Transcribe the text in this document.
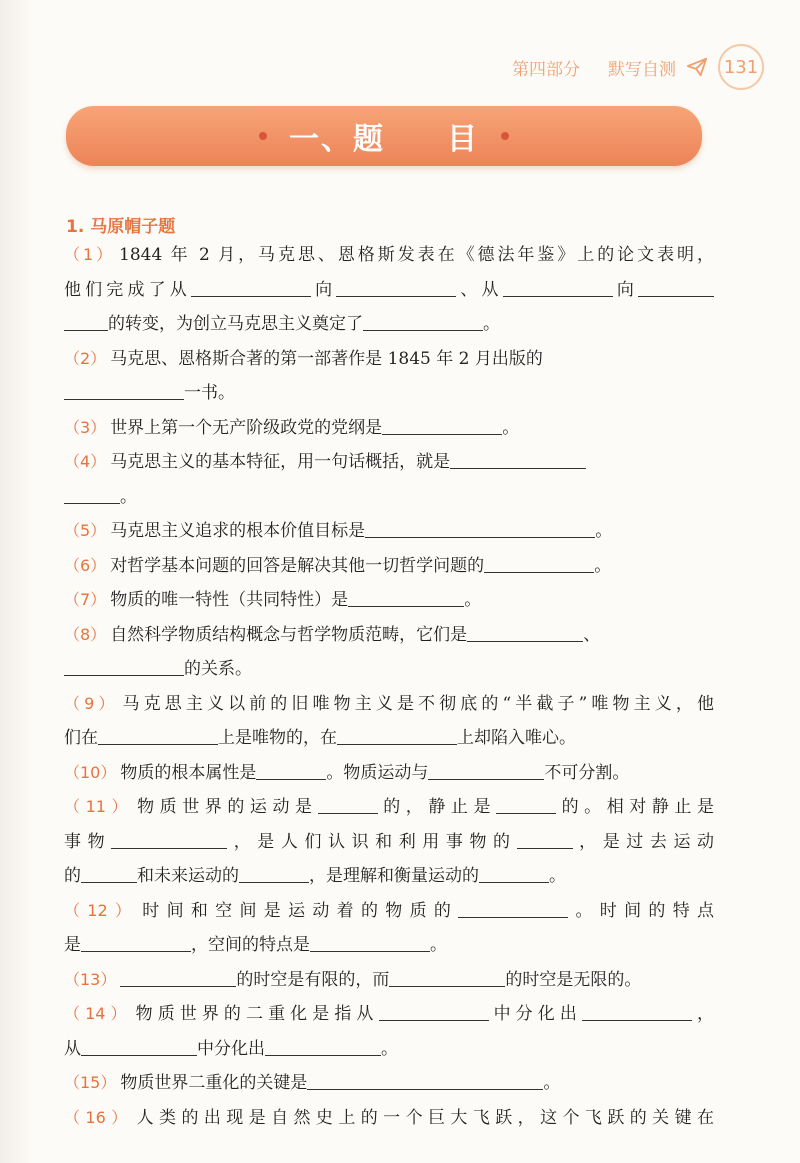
第四部分 默写自测	131
一、题 目
1. 马原帽子题
（1） 1844 年 2 月，马克思、恩格斯发表在《德法年鉴》上的论文表明，
他们完成了从	向	、从	向
的转变，为创立马克思主义奠定了	。
（2） 马克思、恩格斯合著的第一部著作是 1845 年 2 月出版的
一书。
（3） 世界上第一个无产阶级政党的党纲是	。
（4） 马克思主义的基本特征，用一句话概括，就是
。
（5） 马克思主义追求的根本价值目标是	。
（6） 对哲学基本问题的回答是解决其他一切哲学问题的	。
（7） 物质的唯一特性（共同特性）是	。
（8） 自然科学物质结构概念与哲学物质范畴，它们是	、
的关系。
（9） 马克思主义以前的旧唯物主义是不彻底的“半截子”唯物主义，他
们在	上是唯物的，在	上却陷入唯心。
（10） 物质的根本属性是	。物质运动与	不可分割。
（11） 物质世界的运动是	的，静止是	的。相对静止是
事物	，是人们认识和利用事物的	，是过去运动
的	和未来运动的	，是理解和衡量运动的	。
（12） 时间和空间是运动着的物质的	。时间的特点
是	，空间的特点是	。
（13）	的时空是有限的，而	的时空是无限的。
（14） 物质世界的二重化是指从	中分化出	，
从	中分化出	。
（15） 物质世界二重化的关键是	。
（16） 人类的出现是自然史上的一个巨大飞跃，这个飞跃的关键在
